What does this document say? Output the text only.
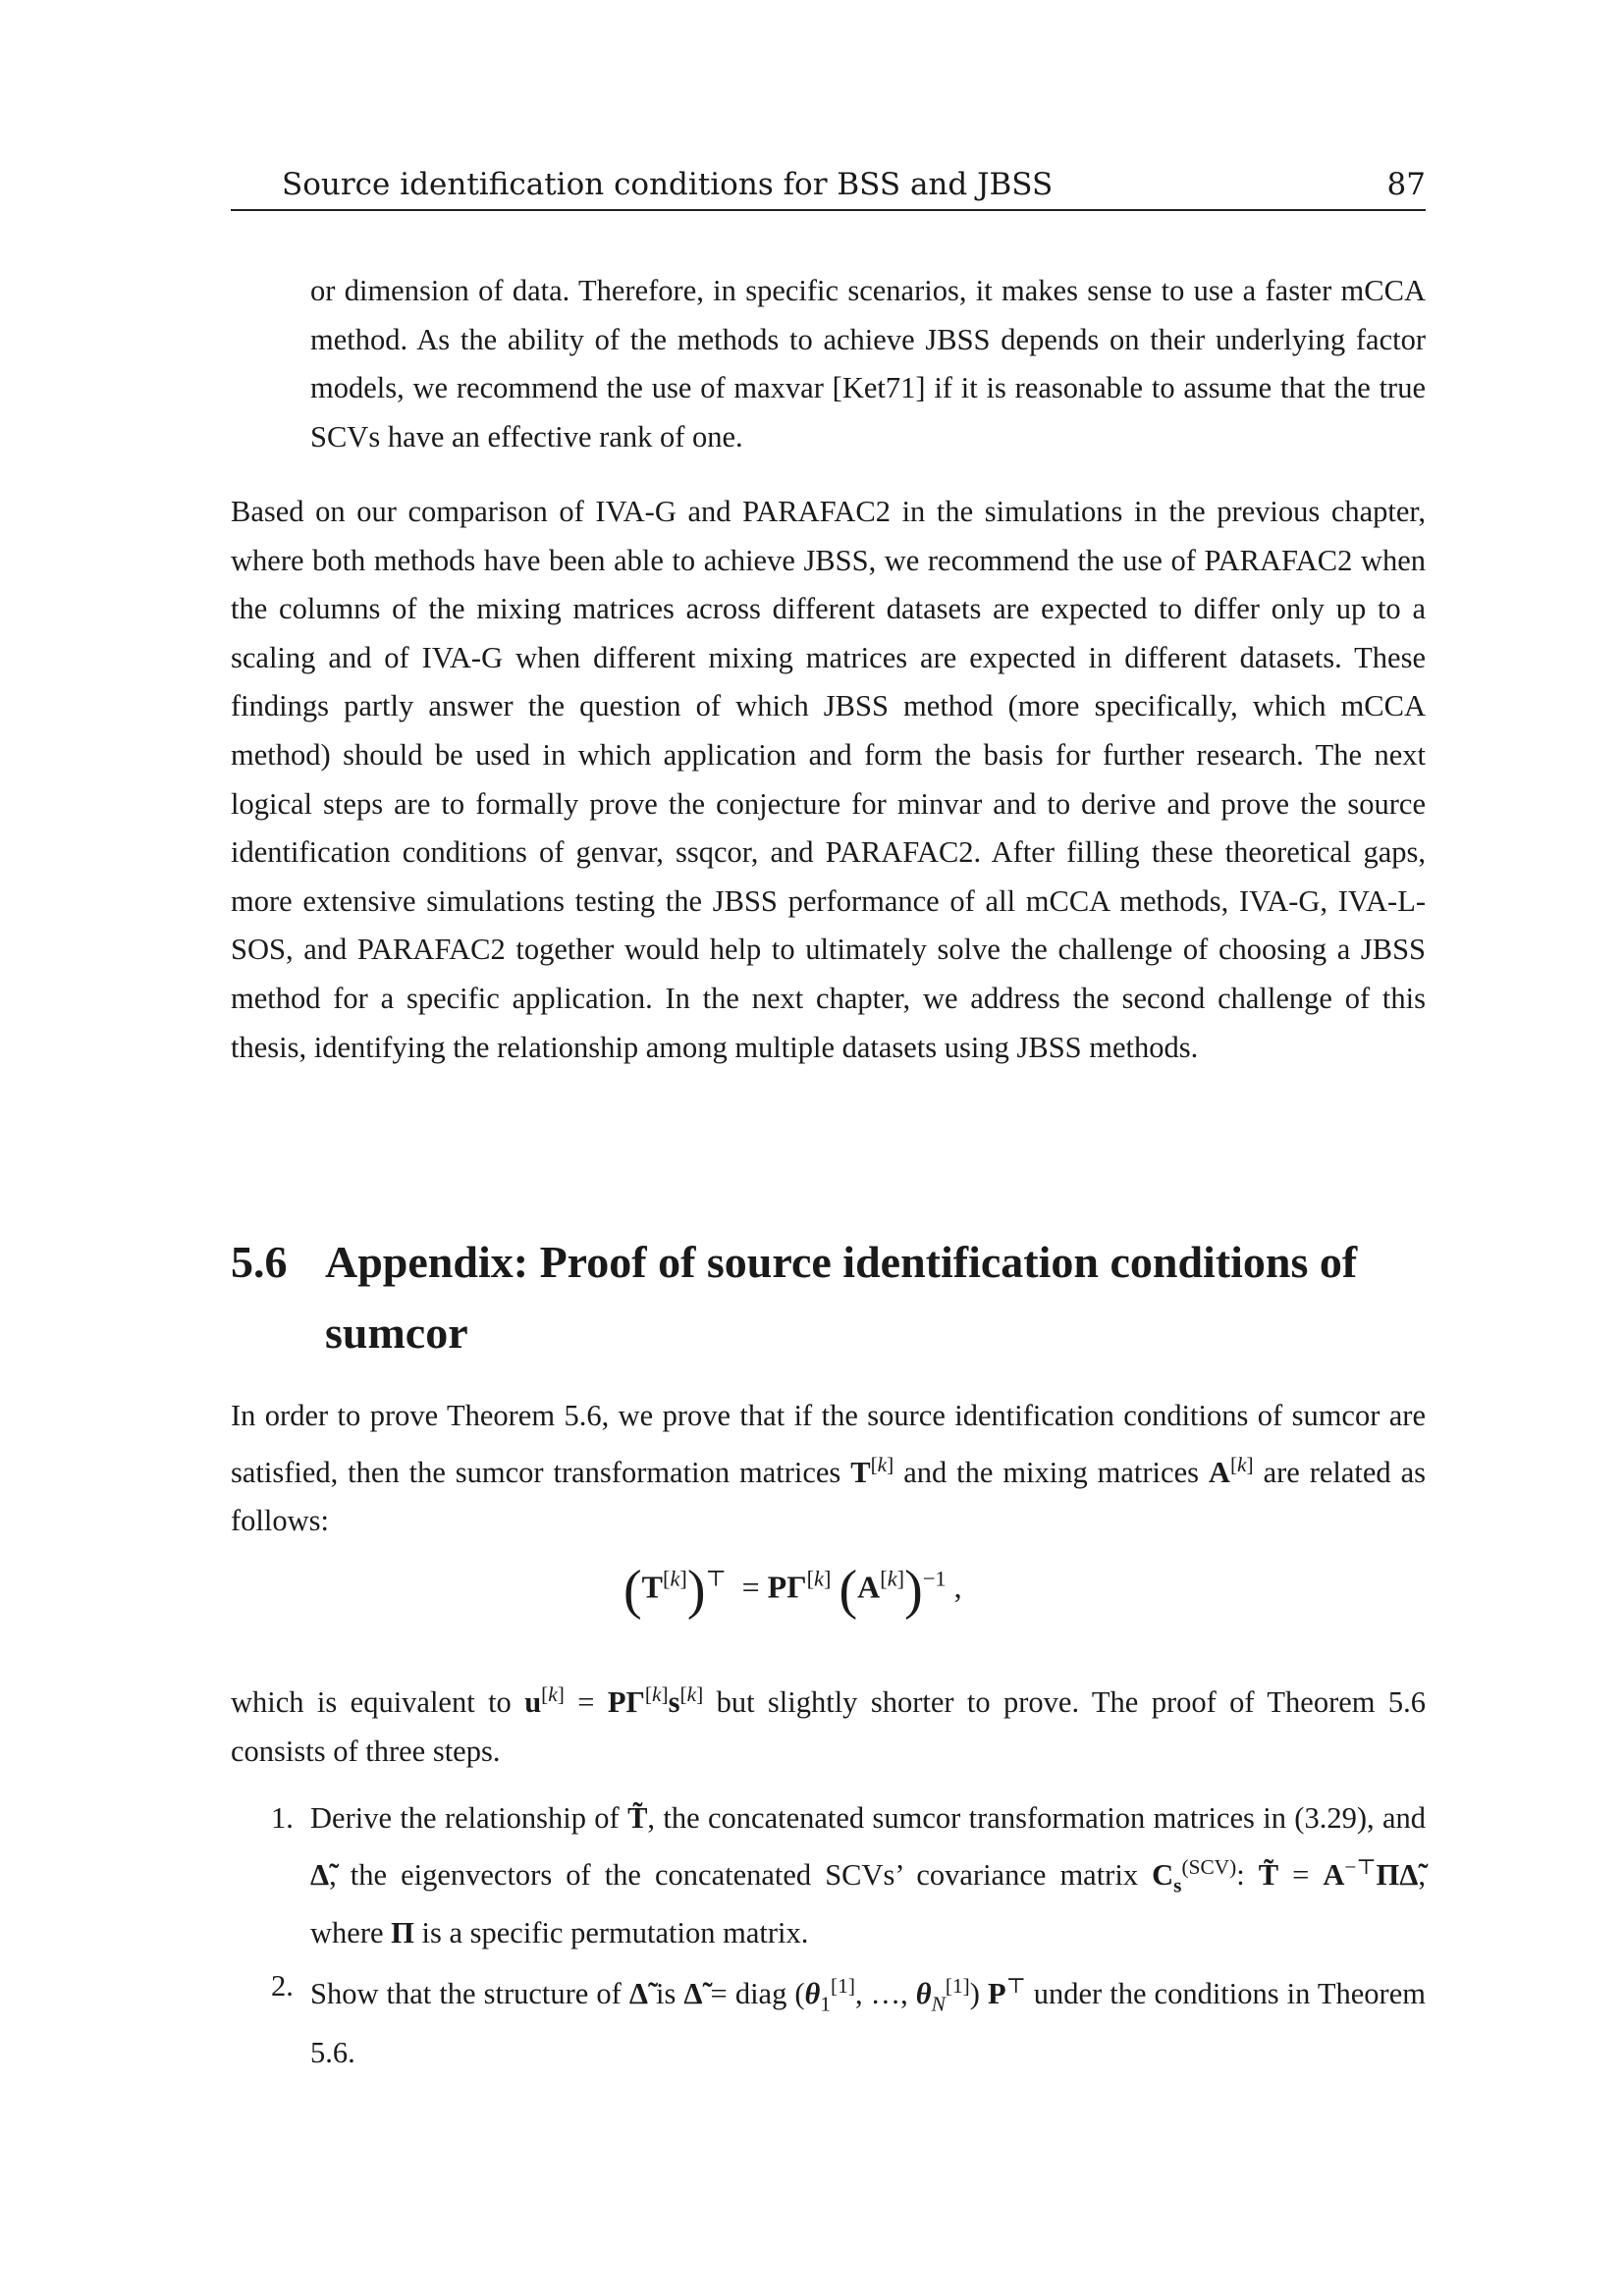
Source identification conditions for BSS and JBSS	87
or dimension of data. Therefore, in specific scenarios, it makes sense to use a faster mCCA method. As the ability of the methods to achieve JBSS depends on their underlying factor models, we recommend the use of maxvar [Ket71] if it is reasonable to assume that the true SCVs have an effective rank of one.
Based on our comparison of IVA-G and PARAFAC2 in the simulations in the previous chapter, where both methods have been able to achieve JBSS, we recommend the use of PARAFAC2 when the columns of the mixing matrices across different datasets are expected to differ only up to a scaling and of IVA-G when different mixing matrices are expected in different datasets. These findings partly answer the question of which JBSS method (more specifically, which mCCA method) should be used in which application and form the basis for further research. The next logical steps are to formally prove the conjecture for minvar and to derive and prove the source identification conditions of genvar, ssqcor, and PARAFAC2. After filling these theoretical gaps, more extensive simulations testing the JBSS performance of all mCCA methods, IVA-G, IVA-L-SOS, and PARAFAC2 together would help to ultimately solve the challenge of choosing a JBSS method for a specific application. In the next chapter, we address the second challenge of this thesis, identifying the relationship among multiple datasets using JBSS methods.
5.6 Appendix: Proof of source identification conditions of sumcor
In order to prove Theorem 5.6, we prove that if the source identification conditions of sumcor are satisfied, then the sumcor transformation matrices T[k] and the mixing matrices A[k] are related as follows:
(T[k])⊤  = PΓ[k] $(A[k])^{-1}$ ,
which is equivalent to u[k] = PΓ[k]s[k] but slightly shorter to prove. The proof of Theorem 5.6 consists of three steps.
1. Derive the relationship of T̃, the concatenated sumcor transformation matrices in (3.29), and Δ̃, the eigenvectors of the concatenated SCVs’ covariance matrix $C_s^{(SCV)}$: T̃ = A−⊤ΠΔ̃, where Π is a specific permutation matrix.
2. Show that the structure of Δ̃ is Δ̃ = diag ($\theta_1[1]$, …, $\theta_N[1]$) P⊤ under the conditions in Theorem 5.6.
